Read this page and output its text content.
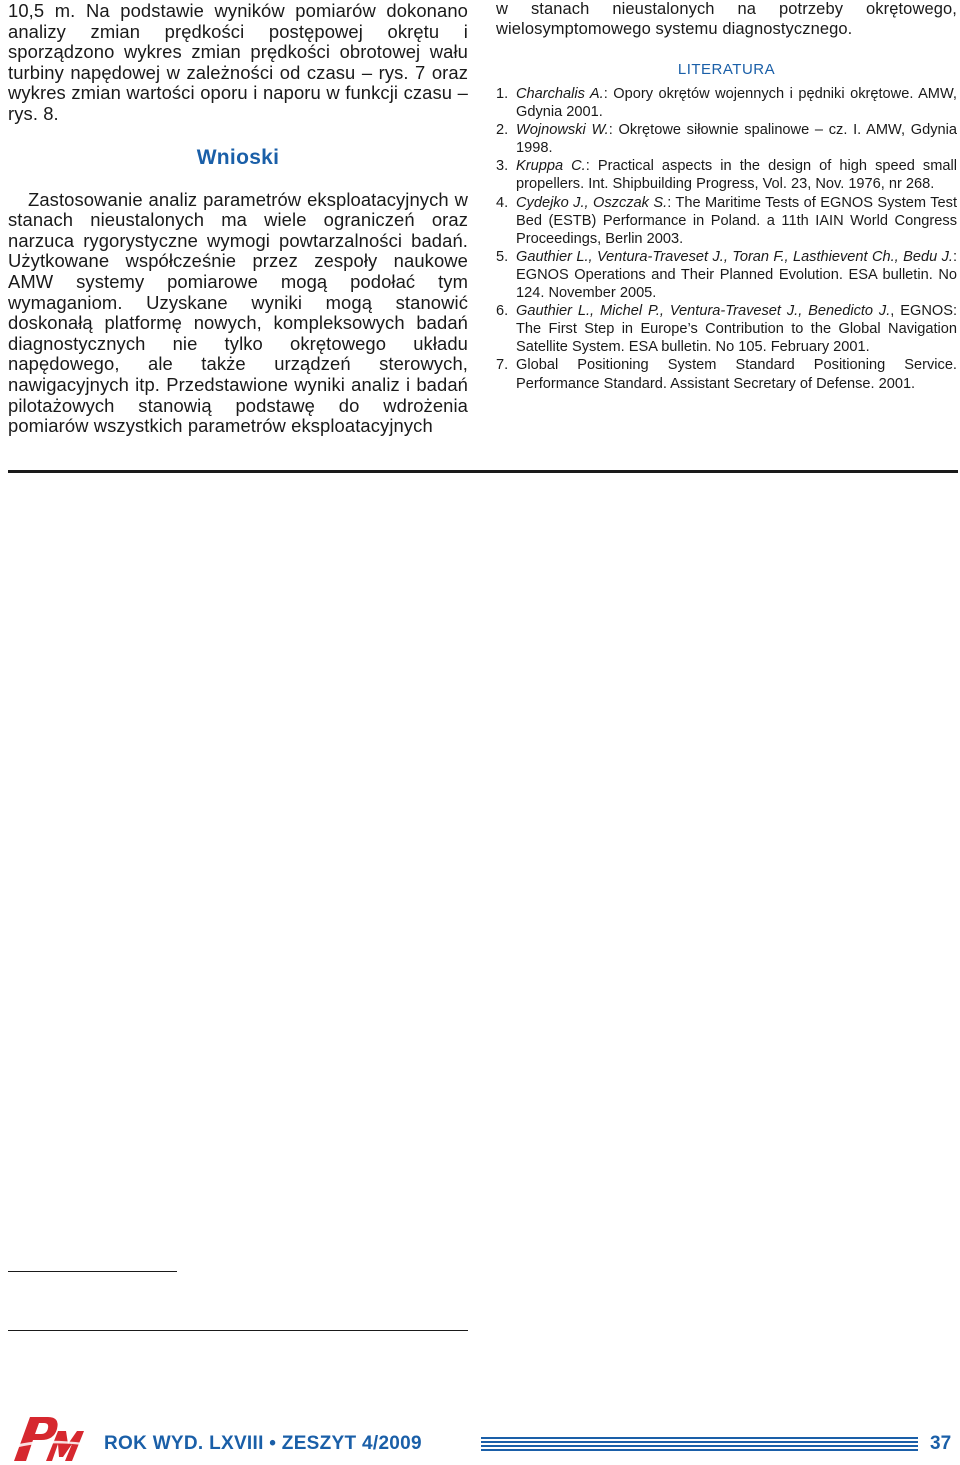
10,5 m. Na podstawie wyników pomiarów dokonano analizy zmian prędkości postępowej okrętu i sporządzono wykres zmian prędkości obrotowej wału turbiny napędowej w zależności od czasu – rys. 7 oraz wykres zmian wartości oporu i naporu w funkcji czasu – rys. 8.

Wnioski

Zastosowanie analiz parametrów eksploatacyjnych w stanach nieustalonych ma wiele ograniczeń oraz narzuca rygorystyczne wymogi powtarzalności badań. Użytkowane współcześnie przez zespoły naukowe AMW systemy pomiarowe mogą podołać tym wymaganiom. Uzyskane wyniki mogą stanowić doskonałą platformę nowych, kompleksowych badań diagnostycznych nie tylko okrętowego układu napędowego, ale także urządzeń sterowych, nawigacyjnych itp. Przedstawione wyniki analiz i badań pilotażowych stanowią podstawę do wdrożenia pomiarów wszystkich parametrów eksploatacyjnych

w stanach nieustalonych na potrzeby okrętowego, wielosymptomowego systemu diagnostycznego.

LITERATURA
1. Charchalis A.: Opory okrętów wojennych i pędniki okrętowe. AMW, Gdynia 2001.
2. Wojnowski W.: Okrętowe siłownie spalinowe – cz. I. AMW, Gdynia 1998.
3. Kruppa C.: Practical aspects in the design of high speed small propellers. Int. Shipbuilding Progress, Vol. 23, Nov. 1976, nr 268.
4. Cydejko J., Oszczak S.: The Maritime Tests of EGNOS System Test Bed (ESTB) Performance in Poland. a 11th IAIN World Congress Proceedings, Berlin 2003.
5. Gauthier L., Ventura-Traveset J., Toran F., Lasthievent Ch., Bedu J.: EGNOS Operations and Their Planned Evolution. ESA bulletin. No 124. November 2005.
6. Gauthier L., Michel P., Ventura-Traveset J., Benedicto J., EGNOS: The First Step in Europe’s Contribution to the Global Navigation Satellite System. ESA bulletin. No 105. February 2001.
7. Global Positioning System Standard Positioning Service. Performance Standard. Assistant Secretary of Defense. 2001.
ROK WYD. LXVIII • ZESZYT 4/2009	37
